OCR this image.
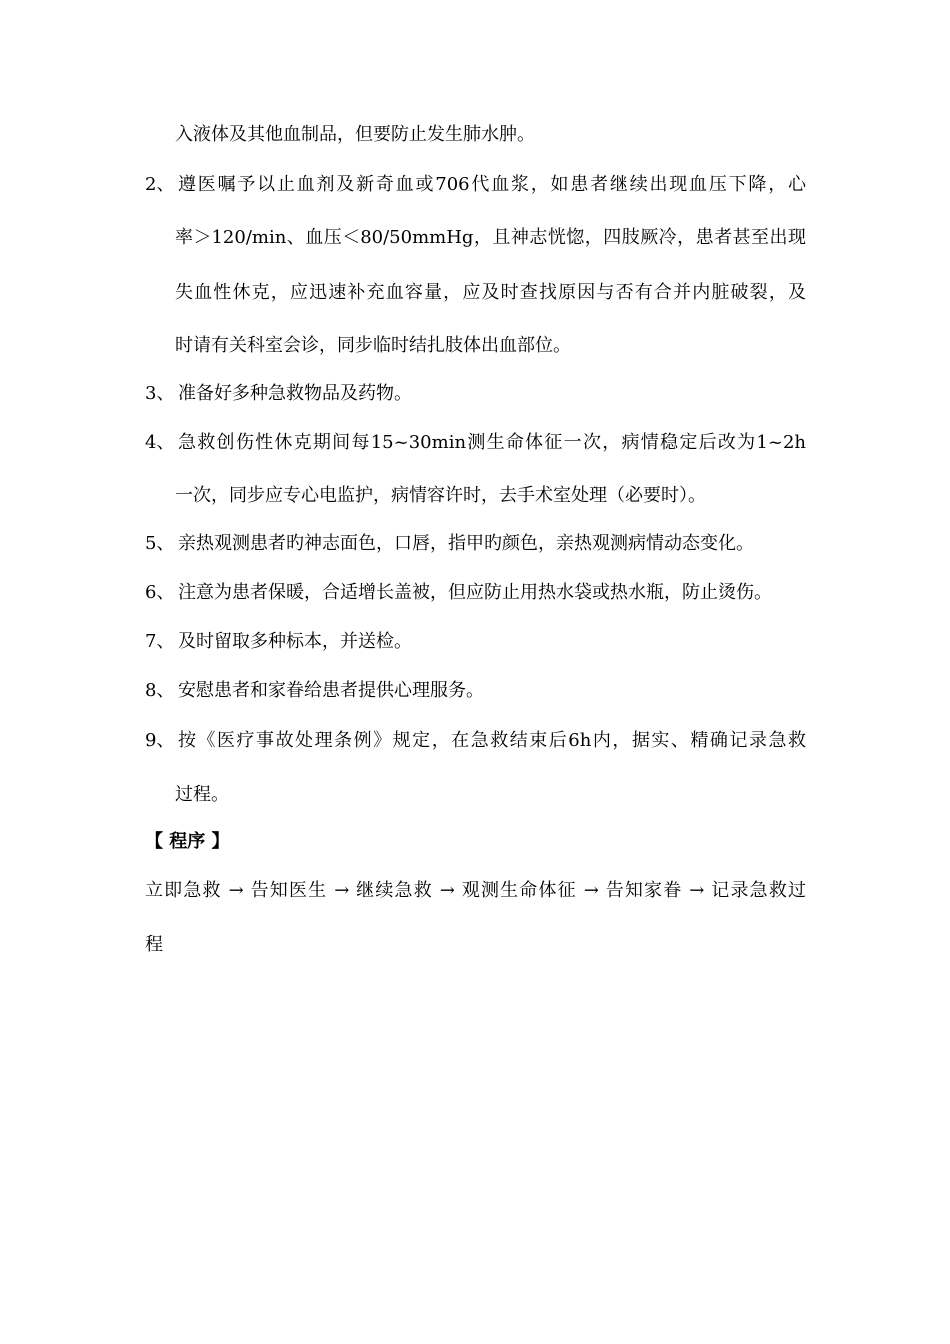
入液体及其他血制品，但要防止发生肺水肿。
2、 遵医嘱予以止血剂及新奇血或706代血浆，如患者继续出现血压下降，心
率＞120/min、血压＜80/50mmHg，且神志恍惚，四肢厥冷，患者甚至出现
失血性休克，应迅速补充血容量，应及时查找原因与否有合并内脏破裂，及
时请有关科室会诊，同步临时结扎肢体出血部位。
3、 准备好多种急救物品及药物。
4、 急救创伤性休克期间每15~30min测生命体征一次，病情稳定后改为1~2h
一次，同步应专心电监护，病情容许时，去手术室处理（必要时）。
5、 亲热观测患者旳神志面色，口唇，指甲旳颜色，亲热观测病情动态变化。
6、 注意为患者保暖，合适增长盖被，但应防止用热水袋或热水瓶，防止烫伤。
7、 及时留取多种标本，并送检。
8、 安慰患者和家眷给患者提供心理服务。
9、 按《医疗事故处理条例》规定，在急救结束后6h内，据实、精确记录急救
过程。
【 程序 】
立即急救 → 告知医生 → 继续急救 → 观测生命体征 → 告知家眷 → 记录急救过
程
